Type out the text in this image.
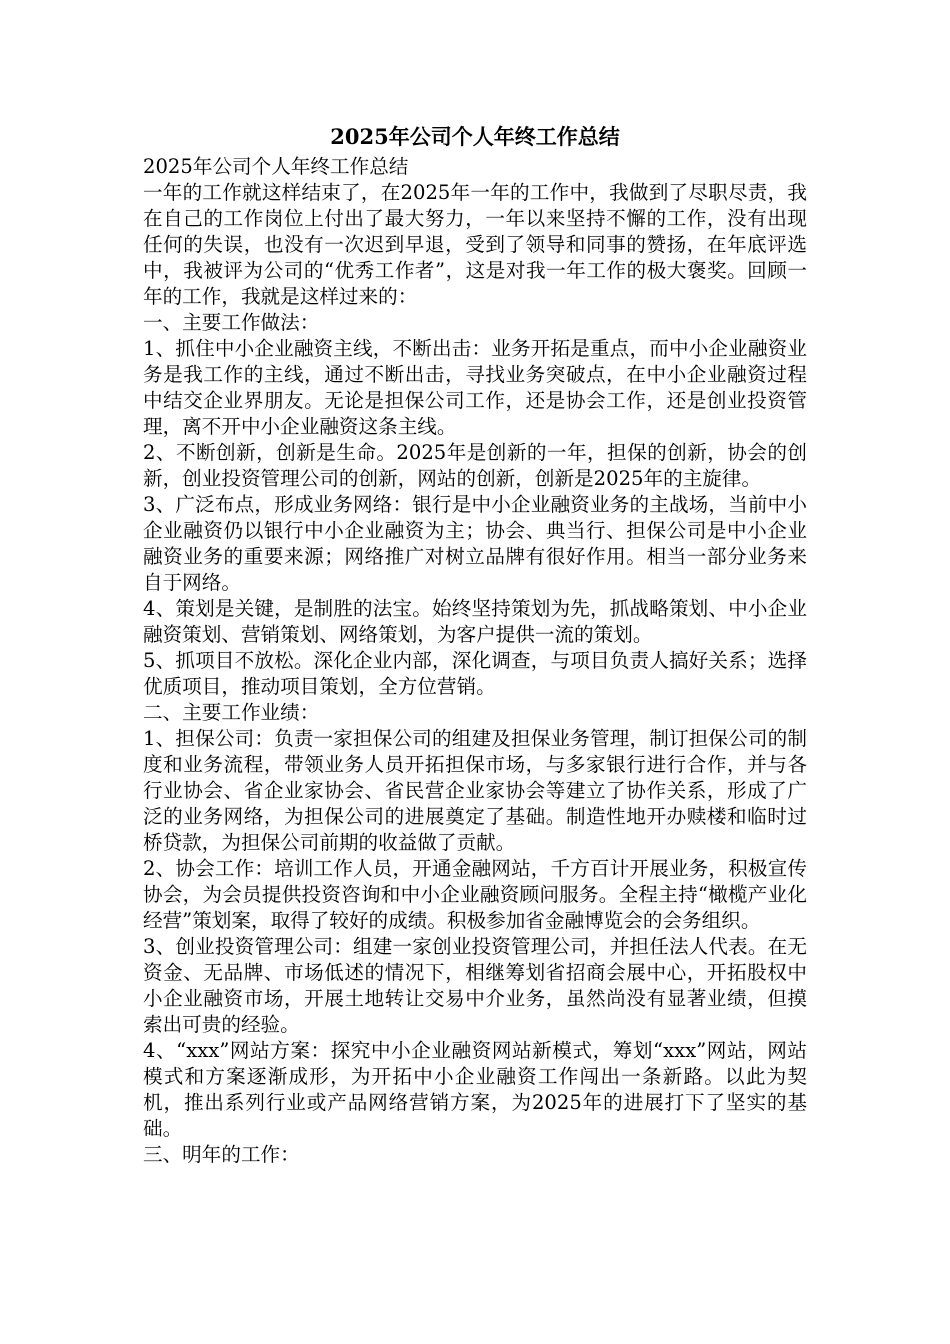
2025年公司个人年终工作总结

2025年公司个人年终工作总结

一年的工作就这样结束了，在2025年一年的工作中，我做到了尽职尽责，我在自己的工作岗位上付出了最大努力，一年以来坚持不懈的工作，没有出现任何的失误，也没有一次迟到早退，受到了领导和同事的赞扬，在年底评选中，我被评为公司的“优秀工作者”，这是对我一年工作的极大褒奖。回顾一年的工作，我就是这样过来的：

一、主要工作做法：

1、抓住中小企业融资主线，不断出击：业务开拓是重点，而中小企业融资业务是我工作的主线，通过不断出击，寻找业务突破点，在中小企业融资过程中结交企业界朋友。无论是担保公司工作，还是协会工作，还是创业投资管理，离不开中小企业融资这条主线。

2、不断创新，创新是生命。2025年是创新的一年，担保的创新，协会的创新，创业投资管理公司的创新，网站的创新，创新是2025年的主旋律。

3、广泛布点，形成业务网络：银行是中小企业融资业务的主战场，当前中小企业融资仍以银行中小企业融资为主；协会、典当行、担保公司是中小企业融资业务的重要来源；网络推广对树立品牌有很好作用。相当一部分业务来自于网络。

4、策划是关键，是制胜的法宝。始终坚持策划为先，抓战略策划、中小企业融资策划、营销策划、网络策划，为客户提供一流的策划。

5、抓项目不放松。深化企业内部，深化调查，与项目负责人搞好关系；选择优质项目，推动项目策划，全方位营销。

二、主要工作业绩：

1、担保公司：负责一家担保公司的组建及担保业务管理，制订担保公司的制度和业务流程，带领业务人员开拓担保市场，与多家银行进行合作，并与各行业协会、省企业家协会、省民营企业家协会等建立了协作关系，形成了广泛的业务网络，为担保公司的进展奠定了基础。制造性地开办赎楼和临时过桥贷款，为担保公司前期的收益做了贡献。

2、协会工作：培训工作人员，开通金融网站，千方百计开展业务，积极宣传协会，为会员提供投资咨询和中小企业融资顾问服务。全程主持“橄榄产业化经营”策划案，取得了较好的成绩。积极参加省金融博览会的会务组织。

3、创业投资管理公司：组建一家创业投资管理公司，并担任法人代表。在无资金、无品牌、市场低述的情况下，相继筹划省招商会展中心，开拓股权中小企业融资市场，开展土地转让交易中介业务，虽然尚没有显著业绩，但摸索出可贵的经验。

4、“xxx”网站方案：探究中小企业融资网站新模式，筹划“xxx”网站，网站模式和方案逐渐成形，为开拓中小企业融资工作闯出一条新路。以此为契机，推出系列行业或产品网络营销方案，为2025年的进展打下了坚实的基础。

三、明年的工作：
